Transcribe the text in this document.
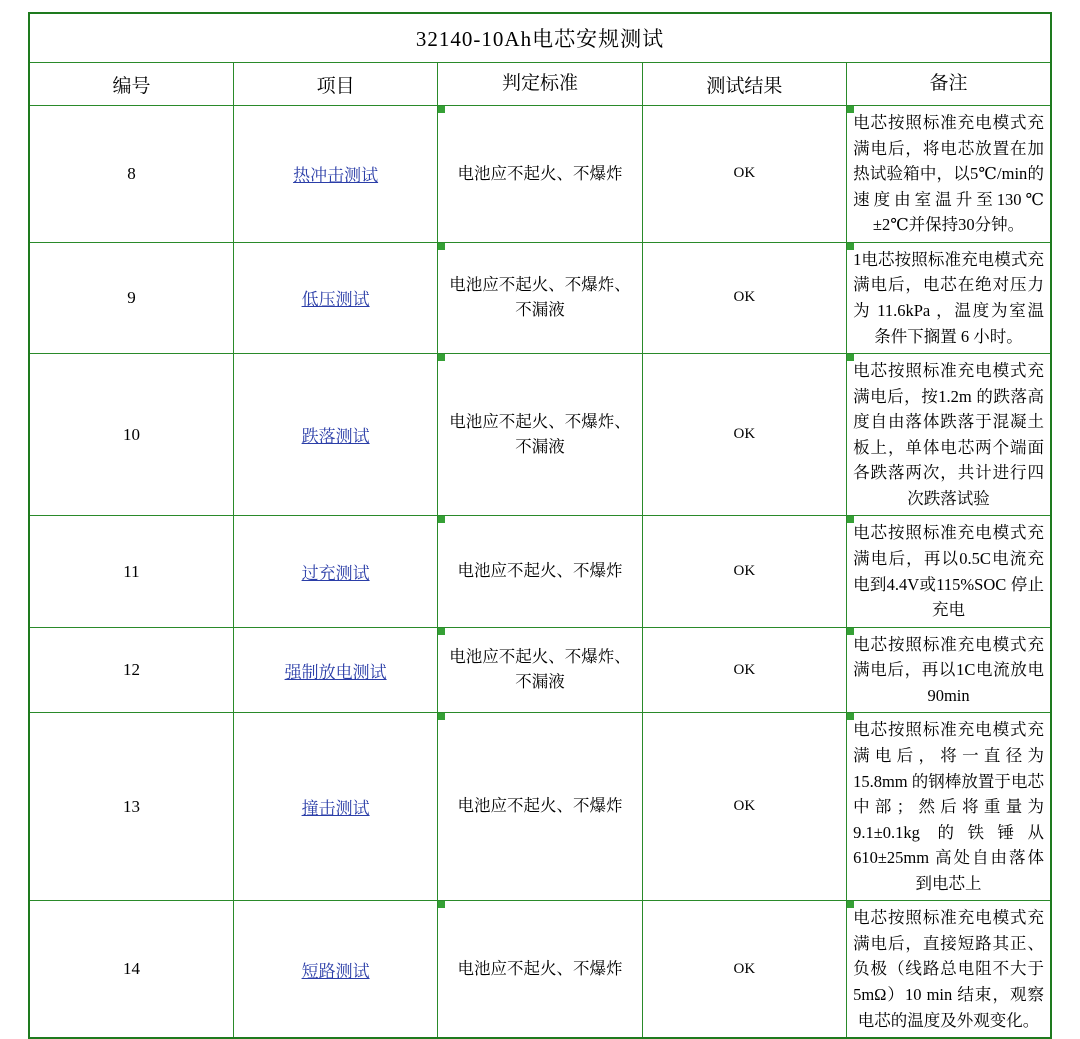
32140-10Ah电芯安规测试				
编号	项目	判定标准	测试结果	备注
8	热冲击测试	电池应不起火、不爆炸	OK	电芯按照标准充电模式充满电后，将电芯放置在加热试验箱中，以5℃/min的速度由室温升至130℃±2℃并保持30分钟。
9	低压测试	电池应不起火、不爆炸、不漏液	OK	1电芯按照标准充电模式充满电后，电芯在绝对压力为 11.6kPa ，温度为室温条件下搁置 6 小时。
10	跌落测试	电池应不起火、不爆炸、不漏液	OK	电芯按照标准充电模式充满电后，按1.2m 的跌落高度自由落体跌落于混凝土板上，单体电芯两个端面各跌落两次，共计进行四次跌落试验
11	过充测试	电池应不起火、不爆炸	OK	电芯按照标准充电模式充满电后，再以0.5C电流充电到4.4V或115%SOC 停止充电
12	强制放电测试	电池应不起火、不爆炸、不漏液	OK	电芯按照标准充电模式充满电后，再以1C电流放电90min
13	撞击测试	电池应不起火、不爆炸	OK	电芯按照标准充电模式充满电后，将一直径为 15.8mm 的钢棒放置于电芯中部；然后将重量为 9.1±0.1kg 的铁锤从 610±25mm 高处自由落体到电芯上
14	短路测试	电池应不起火、不爆炸	OK	电芯按照标准充电模式充满电后，直接短路其正、负极（线路总电阻不大于 5mΩ）10 min 结束，观察电芯的温度及外观变化。
